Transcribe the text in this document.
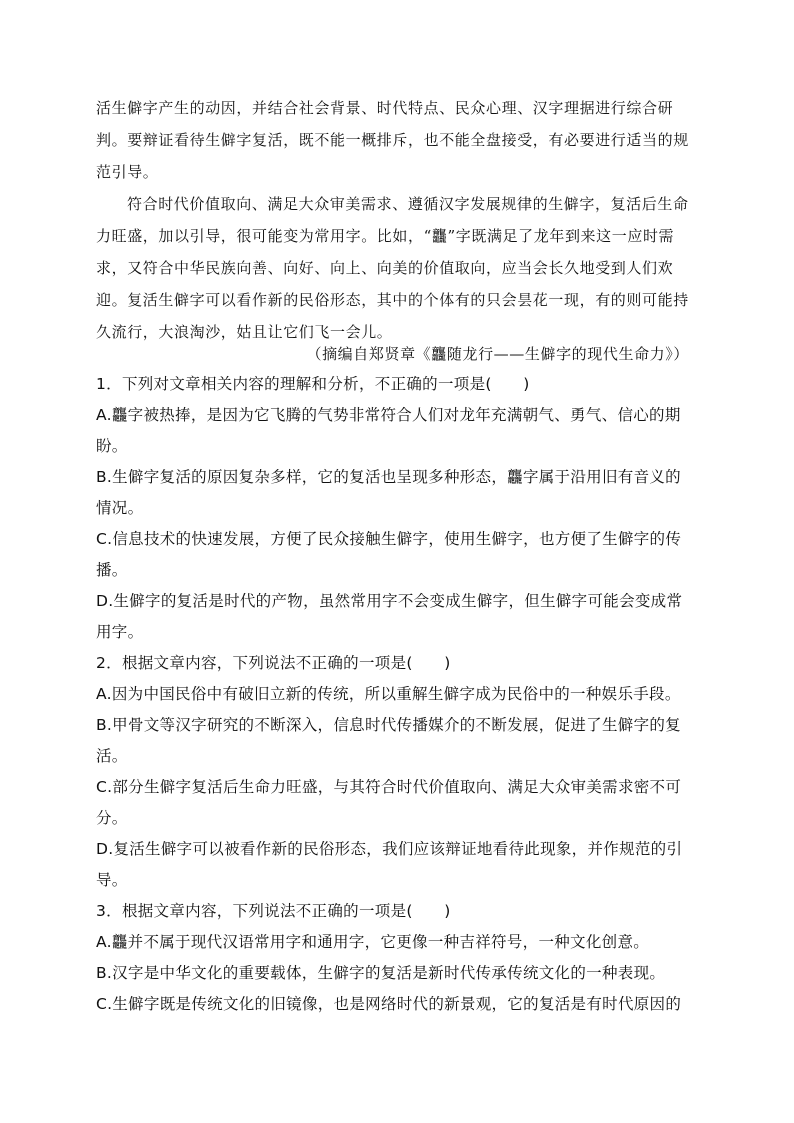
活生僻字产生的动因，并结合社会背景、时代特点、民众心理、汉字理据进行综合研判。要辩证看待生僻字复活，既不能一概排斥，也不能全盘接受，有必要进行适当的规范引导。

符合时代价值取向、满足大众审美需求、遵循汉字发展规律的生僻字，复活后生命力旺盛，加以引导，很可能变为常用字。比如，“龘”字既满足了龙年到来这一应时需求，又符合中华民族向善、向好、向上、向美的价值取向，应当会长久地受到人们欢迎。复活生僻字可以看作新的民俗形态，其中的个体有的只会昙花一现，有的则可能持久流行，大浪淘沙，姑且让它们飞一会儿。

（摘编自郑贤章《龘随龙行——生僻字的现代生命力》）

1．下列对文章相关内容的理解和分析，不正确的一项是(　　)

A.龘字被热捧，是因为它飞腾的气势非常符合人们对龙年充满朝气、勇气、信心的期盼。

B.生僻字复活的原因复杂多样，它的复活也呈现多种形态，龘字属于沿用旧有音义的情况。

C.信息技术的快速发展，方便了民众接触生僻字，使用生僻字，也方便了生僻字的传播。

D.生僻字的复活是时代的产物，虽然常用字不会变成生僻字，但生僻字可能会变成常用字。

2．根据文章内容，下列说法不正确的一项是(　　)

A.因为中国民俗中有破旧立新的传统，所以重解生僻字成为民俗中的一种娱乐手段。

B.甲骨文等汉字研究的不断深入，信息时代传播媒介的不断发展，促进了生僻字的复活。

C.部分生僻字复活后生命力旺盛，与其符合时代价值取向、满足大众审美需求密不可分。

D.复活生僻字可以被看作新的民俗形态，我们应该辩证地看待此现象，并作规范的引导。

3．根据文章内容，下列说法不正确的一项是(　　)

A.龘并不属于现代汉语常用字和通用字，它更像一种吉祥符号，一种文化创意。

B.汉字是中华文化的重要载体，生僻字的复活是新时代传承传统文化的一种表现。

C.生僻字既是传统文化的旧镜像，也是网络时代的新景观，它的复活是有时代原因的
